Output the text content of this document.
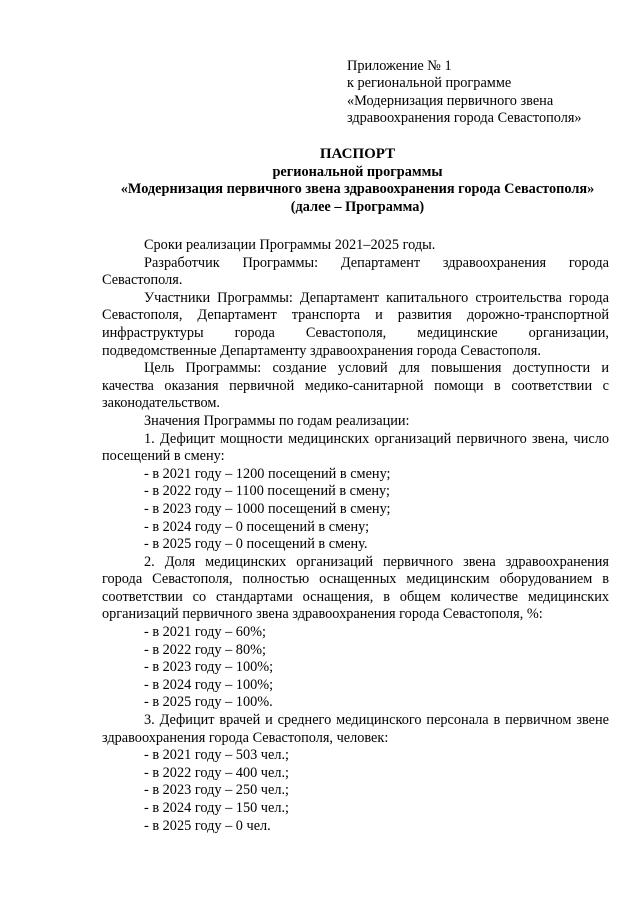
Приложение № 1
к региональной программе
«Модернизация первичного звена
здравоохранения города Севастополя»
ПАСПОРТ
региональной программы
«Модернизация первичного звена здравоохранения города Севастополя»
(далее – Программа)

Сроки реализации Программы 2021–2025 годы.

Разработчик Программы: Департамент здравоохранения города Севастополя.

Участники Программы: Департамент капитального строительства города Севастополя, Департамент транспорта и развития дорожно-транспортной инфраструктуры города Севастополя, медицинские организации, подведомственные Департаменту здравоохранения города Севастополя.

Цель Программы: создание условий для повышения доступности и качества оказания первичной медико-санитарной помощи в соответствии с законодательством.

Значения Программы по годам реализации:

1. Дефицит мощности медицинских организаций первичного звена, число посещений в смену:

- в 2021 году – 1200 посещений в смену;

- в 2022 году – 1100 посещений в смену;

- в 2023 году – 1000 посещений в смену;

- в 2024 году – 0 посещений в смену;

- в 2025 году – 0 посещений в смену.

2. Доля медицинских организаций первичного звена здравоохранения города Севастополя, полностью оснащенных медицинским оборудованием в соответствии со стандартами оснащения, в общем количестве медицинских организаций первичного звена здравоохранения города Севастополя, %:

- в 2021 году – 60%;

- в 2022 году – 80%;

- в 2023 году – 100%;

- в 2024 году – 100%;

- в 2025 году – 100%.

3. Дефицит врачей и среднего медицинского персонала в первичном звене здравоохранения города Севастополя, человек:

- в 2021 году – 503 чел.;

- в 2022 году – 400 чел.;

- в 2023 году – 250 чел.;

- в 2024 году – 150 чел.;

- в 2025 году – 0 чел.
